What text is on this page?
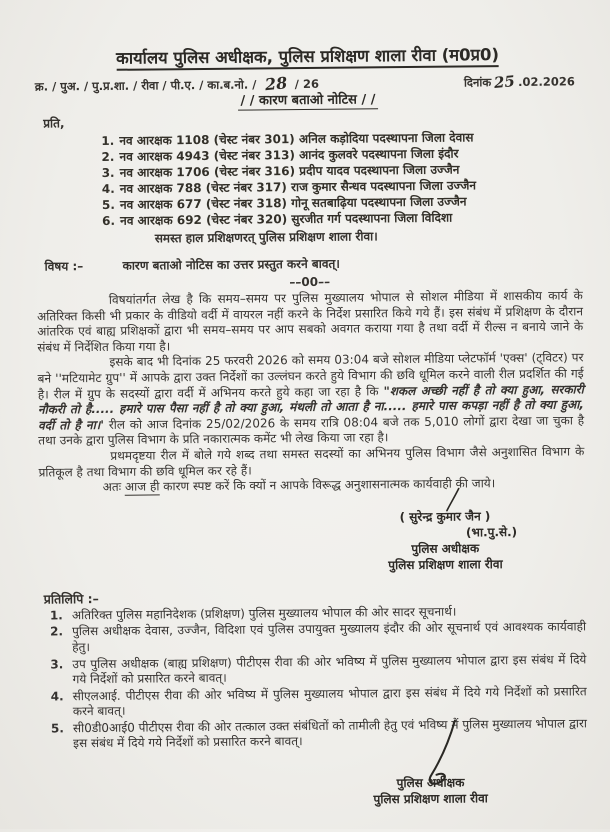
कार्यालय पुलिस अधीक्षक, पुलिस प्रशिक्षण शाला रीवा (म0प्र0)
क्र. / पुअ. / पु.प्र.शा. / रीवा / पी.ए. / का.ब.नो. / 28 / 26	दिनांक 25 .02.2026
/ / कारण बताओ नोटिस / /
प्रति,
1. नव आरक्षक 1108 (चेस्ट नंबर 301) अनिल कड़ोदिया पदस्थापना जिला देवास
2. नव आरक्षक 4943 (चेस्ट नंबर 313) आनंद कुलवरे पदस्थापना जिला इंदौर
3. नव आरक्षक 1706 (चेस्ट नंबर 316) प्रदीप यादव पदस्थापना जिला उज्जैन
4. नव आरक्षक 788 (चेस्ट नंबर 317) राज कुमार सैन्धव पदस्थापना जिला उज्जैन
5. नव आरक्षक 677 (चेस्ट नंबर 318) गोनू सतबाढ़िया पदस्थापना जिला उज्जैन
6. नव आरक्षक 692 (चेस्ट नंबर 320) सुरजीत गर्ग पदस्थापना जिला विदिशा
समस्त हाल प्रशिक्षणरत् पुलिस प्रशिक्षण शाला रीवा।
विषय :–	कारण बताओ नोटिस का उत्तर प्रस्तुत करने बावत्।
––00––

विषयांतर्गत लेख है कि समय–समय पर पुलिस मुख्यालय भोपाल से सोशल मीडिया में शासकीय कार्य के अतिरिक्त किसी भी प्रकार के वीडियो वर्दी में वायरल नहीं करने के निर्देश प्रसारित किये गये हैं। इस संबंध में प्रशिक्षण के दौरान आंतरिक एवं बाह्य प्रशिक्षकों द्वारा भी समय–समय पर आप सबको अवगत कराया गया है तथा वर्दी में रील्स न बनाये जाने के संबंध में निर्देशित किया गया है।

इसके बाद भी दिनांक 25 फरवरी 2026 को समय 03:04 बजे सोशल मीडिया प्लेटफॉर्म 'एक्स' (ट्विटर) पर बने ''मटियामेट ग्रुप'' में आपके द्वारा उक्त निर्देशों का उल्लंघन करते हुये विभाग की छवि धूमिल करने वाली रील प्रदर्शित की गई है। रील में ग्रुप के सदस्यों द्वारा वर्दी में अभिनय करते हुये कहा जा रहा है कि "शकल अच्छी नहीं है तो क्या हुआ, सरकारी नौकरी तो है..... हमारे पास पैसा नहीं है तो क्या हुआ, मंथली तो आता है ना..... हमारे पास कपड़ा नहीं है तो क्या हुआ, वर्दी तो है ना।' रील को आज दिनांक 25/02/2026 के समय रात्रि 08:04 बजे तक 5,010 लोगों द्वारा देखा जा चुका है तथा उनके द्वारा पुलिस विभाग के प्रति नकारात्मक कमेंट भी लेख किया जा रहा है।

प्रथमदृष्टया रील में बोले गये शब्द तथा समस्त सदस्यों का अभिनय पुलिस विभाग जैसे अनुशासित विभाग के प्रतिकूल है तथा विभाग की छवि धूमिल कर रहे हैं।

अतः आज ही कारण स्पष्ट करें कि क्यों न आपके विरूद्ध अनुशासनात्मक कार्यवाही की जाये।

( सुरेन्द्र कुमार जैन )
(भा.पु.से.)
पुलिस अधीक्षक
पुलिस प्रशिक्षण शाला रीवा
प्रतिलिपि :–
1. अतिरिक्त पुलिस महानिदेशक (प्रशिक्षण) पुलिस मुख्यालय भोपाल की ओर सादर सूचनार्थ।
2. पुलिस अधीक्षक देवास, उज्जैन, विदिशा एवं पुलिस उपायुक्त मुख्यालय इंदौर की ओर सूचनार्थ एवं आवश्यक कार्यवाही हेतु।
3. उप पुलिस अधीक्षक (बाह्य प्रशिक्षण) पीटीएस रीवा की ओर भविष्य में पुलिस मुख्यालय भोपाल द्वारा इस संबंध में दिये गये निर्देशों को प्रसारित करने बावत्।
4. सीएलआई. पीटीएस रीवा की ओर भविष्य में पुलिस मुख्यालय भोपाल द्वारा इस संबंध में दिये गये निर्देशों को प्रसारित करने बावत्।
5. सी0डी0आई0 पीटीएस रीवा की ओर तत्काल उक्त संबंधितों को तामीली हेतु एवं भविष्य में पुलिस मुख्यालय भोपाल द्वारा इस संबंध में दिये गये निर्देशों को प्रसारित करने बावत्।
पुलिस अधीक्षक
पुलिस प्रशिक्षण शाला रीवा
